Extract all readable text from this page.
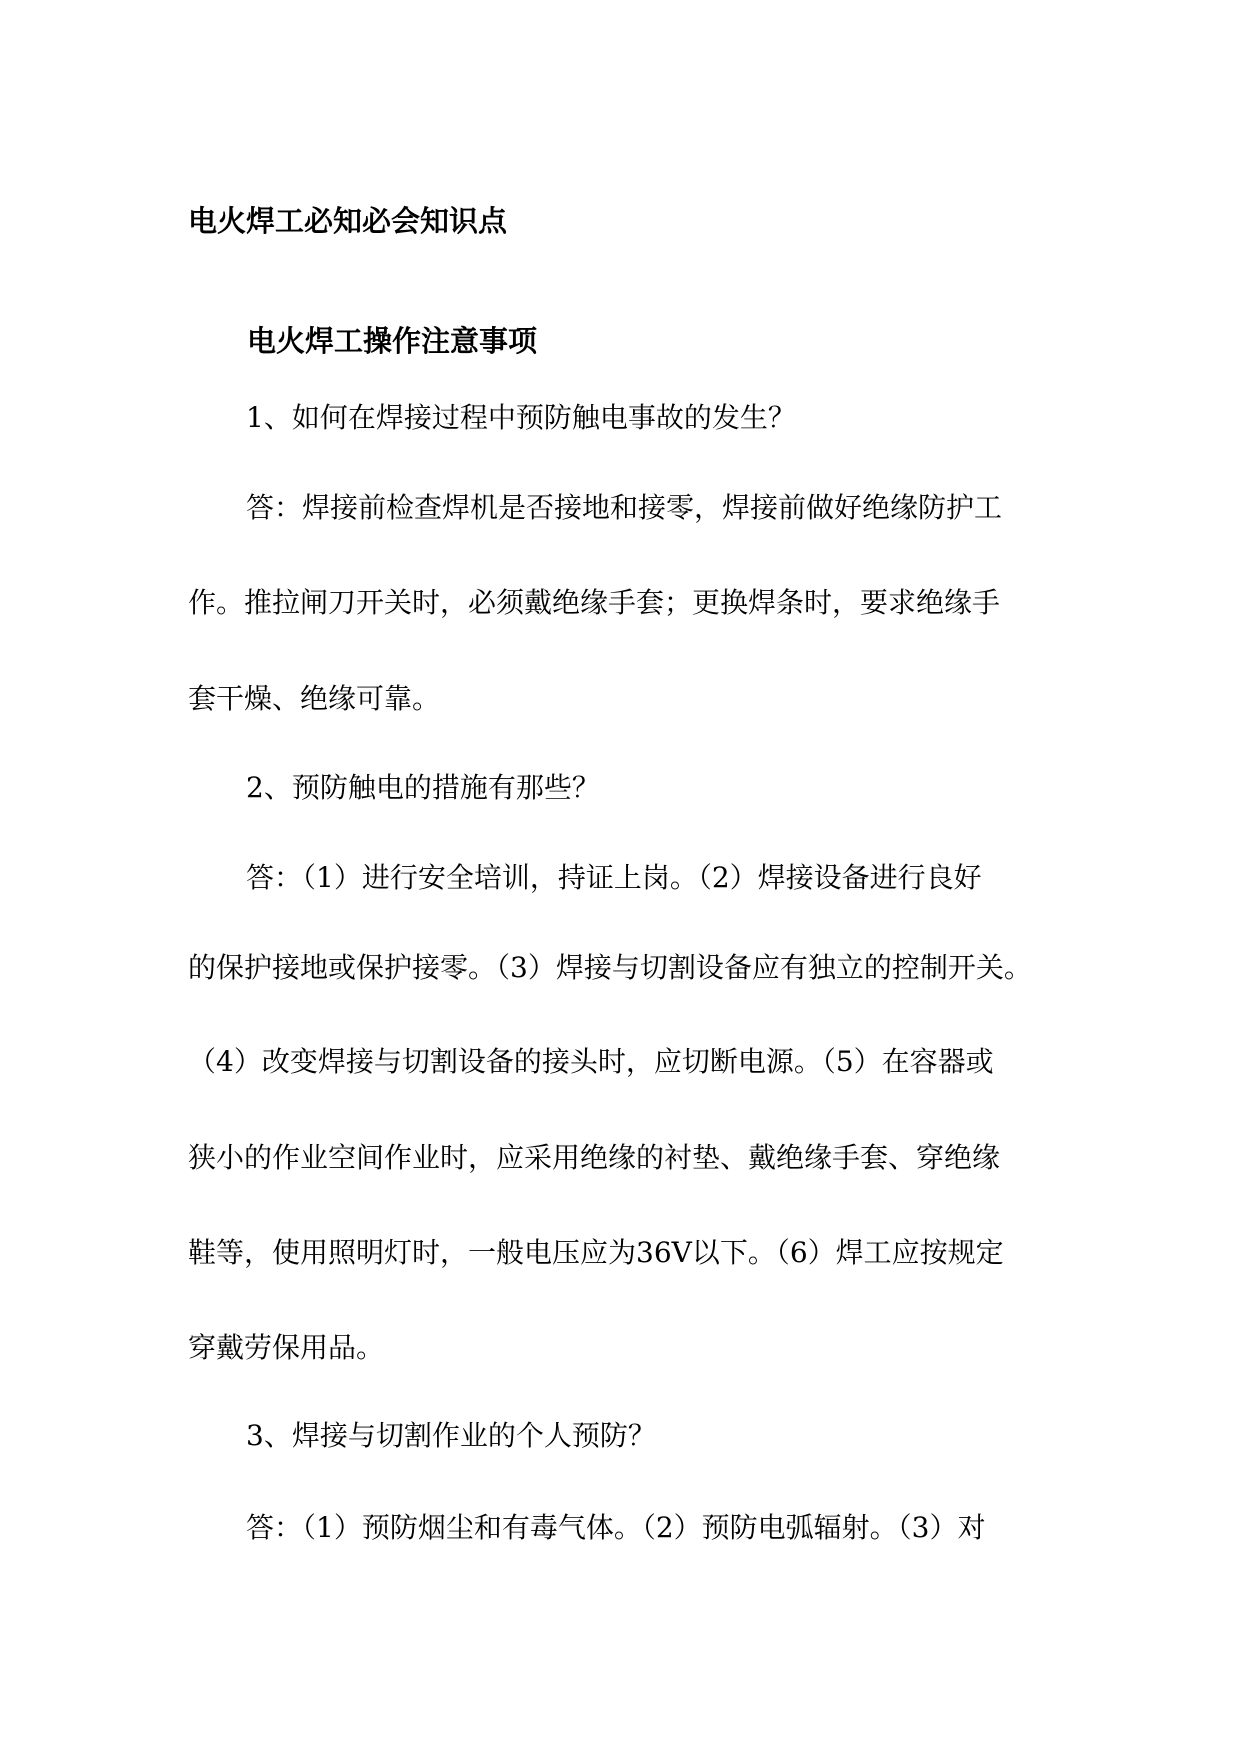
电火焊工必知必会知识点
电火焊工操作注意事项

1、如何在焊接过程中预防触电事故的发生？

答：焊接前检查焊机是否接地和接零，焊接前做好绝缘防护工

作。推拉闸刀开关时，必须戴绝缘手套；更换焊条时，要求绝缘手

套干燥、绝缘可靠。

2、预防触电的措施有那些？

答：（1）进行安全培训，持证上岗。（2）焊接设备进行良好

的保护接地或保护接零。（3）焊接与切割设备应有独立的控制开关。

（4）改变焊接与切割设备的接头时，应切断电源。（5）在容器或

狭小的作业空间作业时，应采用绝缘的衬垫、戴绝缘手套、穿绝缘

鞋等，使用照明灯时，一般电压应为36V以下。（6）焊工应按规定

穿戴劳保用品。

3、焊接与切割作业的个人预防？

答：（1）预防烟尘和有毒气体。（2）预防电弧辐射。（3）对
